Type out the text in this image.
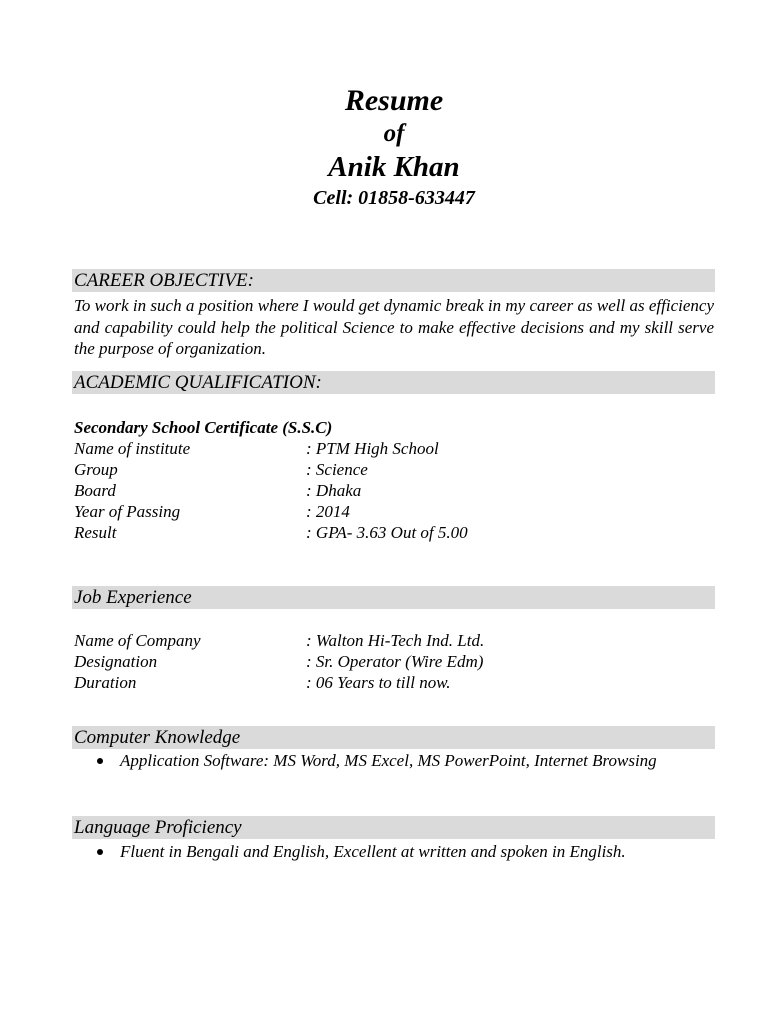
Resume
of
Anik Khan
Cell: 01858-633447
CAREER OBJECTIVE:
To work in such a position where I would get dynamic break in my career as well as efficiency and capability could help the political Science to make effective decisions and my skill serve the purpose of organization.
ACADEMIC QUALIFICATION:
Secondary School Certificate (S.S.C)
Name of institute	: PTM High School
Group	: Science
Board	: Dhaka
Year of Passing	: 2014
Result	: GPA- 3.63 Out of 5.00
Job Experience
Name of Company	: Walton Hi-Tech Ind. Ltd.
Designation	: Sr. Operator (Wire Edm)
Duration	: 06 Years to till now.
Computer Knowledge
Application Software: MS Word, MS Excel, MS PowerPoint, Internet Browsing
Language Proficiency
Fluent in Bengali and English, Excellent at written and spoken in English.
